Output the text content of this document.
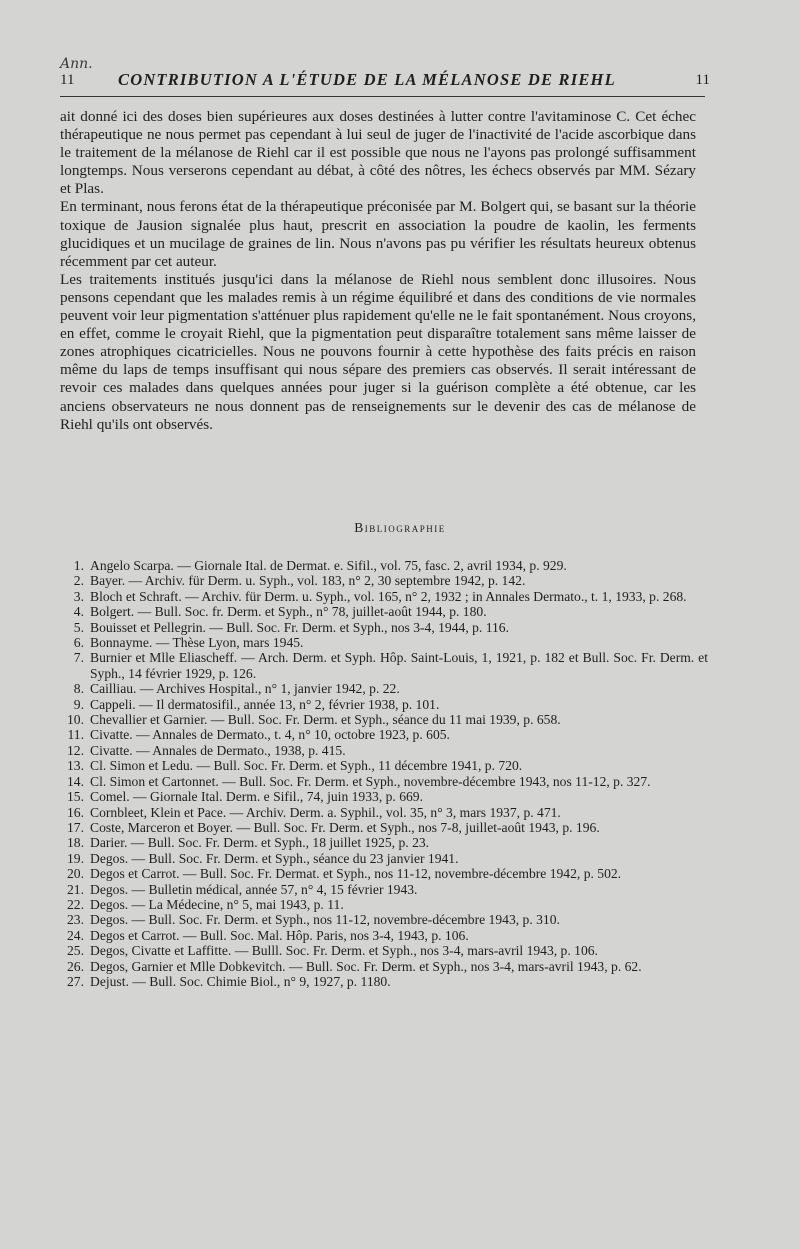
Ann.
11	CONTRIBUTION A L'ÉTUDE DE LA MÉLANOSE DE RIEHL	11

ait donné ici des doses bien supérieures aux doses destinées à lutter contre l'avitaminose C. Cet échec thérapeutique ne nous permet pas cependant à lui seul de juger de l'inactivité de l'acide ascorbique dans le traitement de la mélanose de Riehl car il est possible que nous ne l'ayons pas prolongé suffisamment longtemps. Nous verserons cependant au débat, à côté des nôtres, les échecs observés par MM. Sézary et Plas.

En terminant, nous ferons état de la thérapeutique préconisée par M. Bolgert qui, se basant sur la théorie toxique de Jausion signalée plus haut, prescrit en association la poudre de kaolin, les ferments glucidiques et un mucilage de graines de lin. Nous n'avons pas pu vérifier les résultats heureux obtenus récemment par cet auteur.

Les traitements institués jusqu'ici dans la mélanose de Riehl nous semblent donc illusoires. Nous pensons cependant que les malades remis à un régime équilibré et dans des conditions de vie normales peuvent voir leur pigmentation s'atténuer plus rapidement qu'elle ne le fait spontanément. Nous croyons, en effet, comme le croyait Riehl, que la pigmentation peut disparaître totalement sans même laisser de zones atrophiques cicatricielles. Nous ne pouvons fournir à cette hypothèse des faits précis en raison même du laps de temps insuffisant qui nous sépare des premiers cas observés. Il serait intéressant de revoir ces malades dans quelques années pour juger si la guérison complète a été obtenue, car les anciens observateurs ne nous donnent pas de renseignements sur le devenir des cas de mélanose de Riehl qu'ils ont observés.

Bibliographie
1. Angelo Scarpa. — Giornale Ital. de Dermat. e. Sifil., vol. 75, fasc. 2, avril 1934, p. 929.
2. Bayer. — Archiv. für Derm. u. Syph., vol. 183, n° 2, 30 septembre 1942, p. 142.
3. Bloch et Schraft. — Archiv. für Derm. u. Syph., vol. 165, n° 2, 1932 ; in Annales Dermato., t. 1, 1933, p. 268.
4. Bolgert. — Bull. Soc. fr. Derm. et Syph., n° 78, juillet-août 1944, p. 180.
5. Bouisset et Pellegrin. — Bull. Soc. Fr. Derm. et Syph., nos 3-4, 1944, p. 116.
6. Bonnayme. — Thèse Lyon, mars 1945.
7. Burnier et Mlle Eliascheff. — Arch. Derm. et Syph. Hôp. Saint-Louis, 1, 1921, p. 182 et Bull. Soc. Fr. Derm. et Syph., 14 février 1929, p. 126.
8. Cailliau. — Archives Hospital., n° 1, janvier 1942, p. 22.
9. Cappeli. — Il dermatosifil., année 13, n° 2, février 1938, p. 101.
10. Chevallier et Garnier. — Bull. Soc. Fr. Derm. et Syph., séance du 11 mai 1939, p. 658.
11. Civatte. — Annales de Dermato., t. 4, n° 10, octobre 1923, p. 605.
12. Civatte. — Annales de Dermato., 1938, p. 415.
13. Cl. Simon et Ledu. — Bull. Soc. Fr. Derm. et Syph., 11 décembre 1941, p. 720.
14. Cl. Simon et Cartonnet. — Bull. Soc. Fr. Derm. et Syph., novembre-décembre 1943, nos 11-12, p. 327.
15. Comel. — Giornale Ital. Derm. e Sifil., 74, juin 1933, p. 669.
16. Cornbleet, Klein et Pace. — Archiv. Derm. a. Syphil., vol. 35, n° 3, mars 1937, p. 471.
17. Coste, Marceron et Boyer. — Bull. Soc. Fr. Derm. et Syph., nos 7-8, juillet-août 1943, p. 196.
18. Darier. — Bull. Soc. Fr. Derm. et Syph., 18 juillet 1925, p. 23.
19. Degos. — Bull. Soc. Fr. Derm. et Syph., séance du 23 janvier 1941.
20. Degos et Carrot. — Bull. Soc. Fr. Dermat. et Syph., nos 11-12, novembre-décembre 1942, p. 502.
21. Degos. — Bulletin médical, année 57, n° 4, 15 février 1943.
22. Degos. — La Médecine, n° 5, mai 1943, p. 11.
23. Degos. — Bull. Soc. Fr. Derm. et Syph., nos 11-12, novembre-décembre 1943, p. 310.
24. Degos et Carrot. — Bull. Soc. Mal. Hôp. Paris, nos 3-4, 1943, p. 106.
25. Degos, Civatte et Laffitte. — Bulll. Soc. Fr. Derm. et Syph., nos 3-4, mars-avril 1943, p. 106.
26. Degos, Garnier et Mlle Dobkevitch. — Bull. Soc. Fr. Derm. et Syph., nos 3-4, mars-avril 1943, p. 62.
27. Dejust. — Bull. Soc. Chimie Biol., n° 9, 1927, p. 1180.
